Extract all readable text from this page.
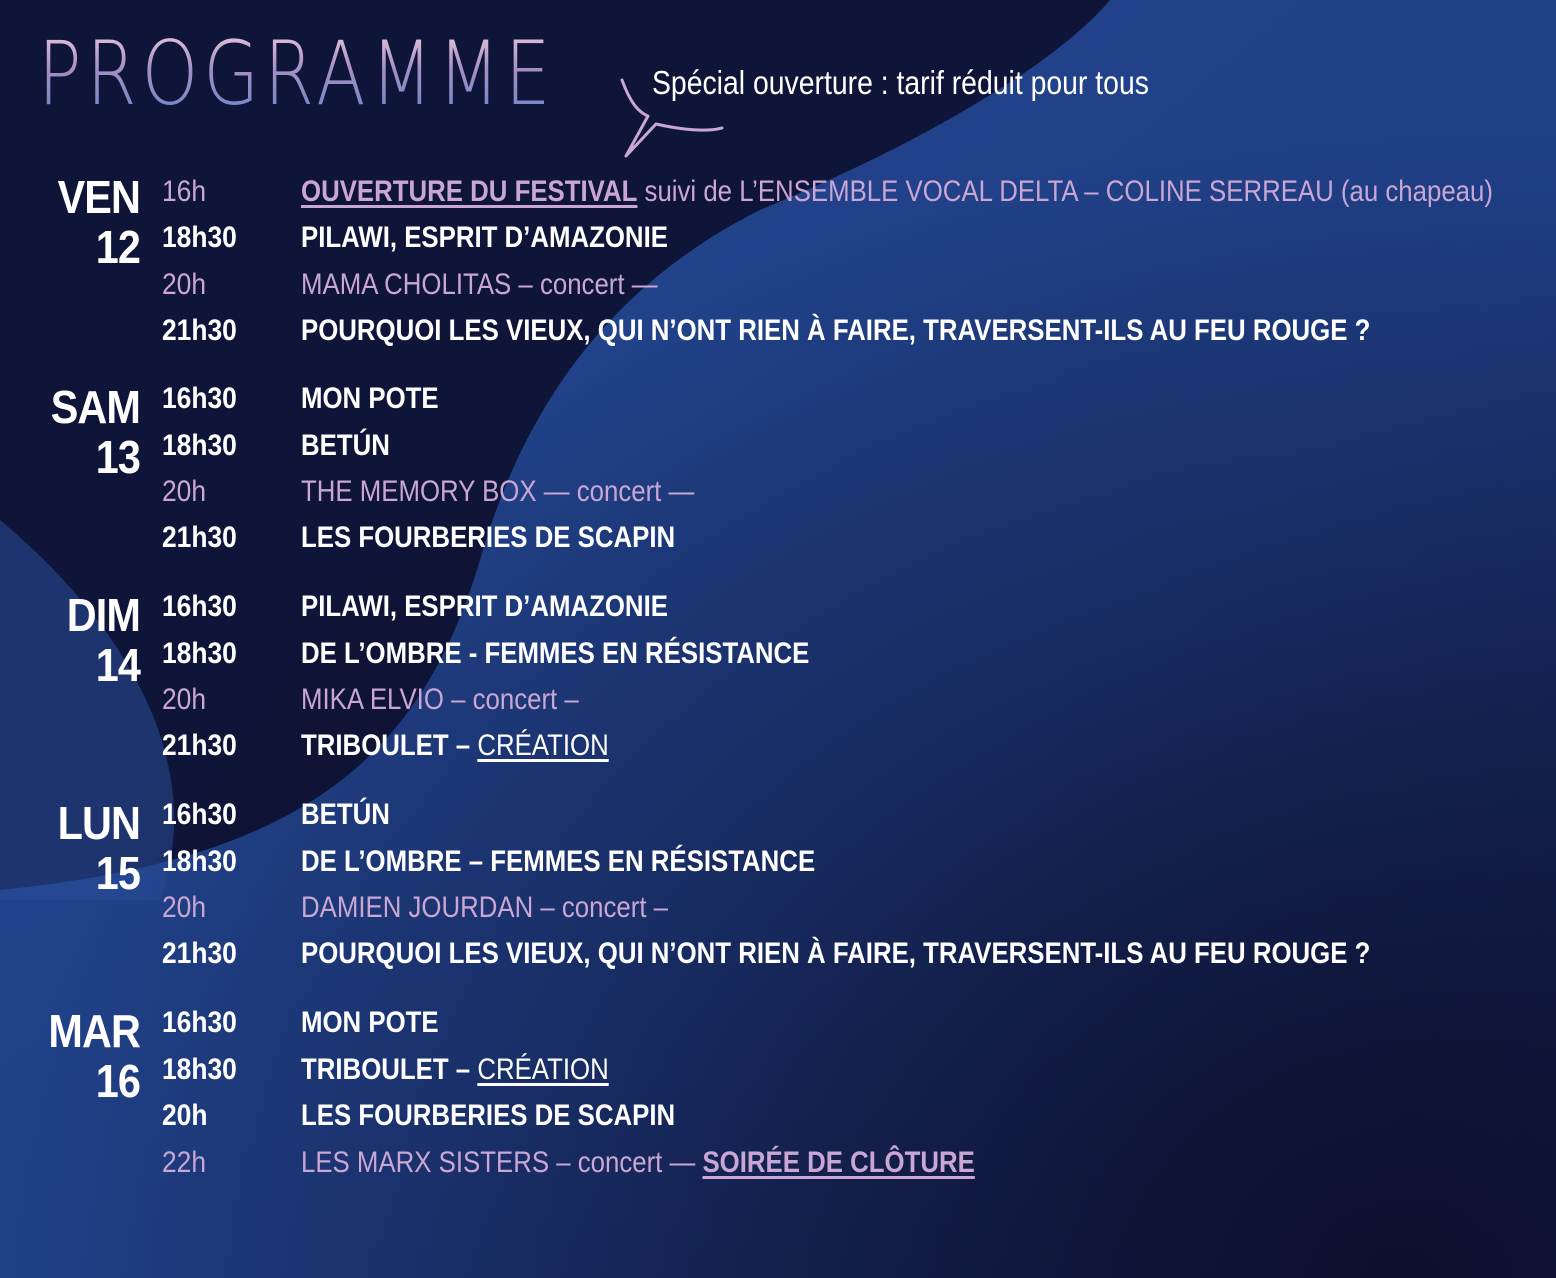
PROGRAMME	Spécial ouverture : tarif réduit pour tous
VEN
12
16h	OUVERTURE DU FESTIVAL suivi de L’ENSEMBLE VOCAL DELTA – COLINE SERREAU (au chapeau)
18h30 PILAWI, ESPRIT D’AMAZONIE
20h	MAMA CHOLITAS – concert —
21h30 POURQUOI LES VIEUX, QUI N’ONT RIEN À FAIRE, TRAVERSENT-ILS AU FEU ROUGE ?
SAM
13
16h30 MON POTE
18h30 BETÚN
20h	THE MEMORY BOX — concert —
21h30 LES FOURBERIES DE SCAPIN
DIM
14
16h30 PILAWI, ESPRIT D’AMAZONIE
18h30 DE L’OMBRE - FEMMES EN RÉSISTANCE
20h	MIKA ELVIO – concert –
21h30 TRIBOULET – CRÉATION
LUN
15
16h30 BETÚN
18h30 DE L’OMBRE – FEMMES EN RÉSISTANCE
20h	DAMIEN JOURDAN – concert –
21h30 POURQUOI LES VIEUX, QUI N’ONT RIEN À FAIRE, TRAVERSENT-ILS AU FEU ROUGE ?
MAR
16
16h30 MON POTE
18h30 TRIBOULET – CRÉATION
20h	LES FOURBERIES DE SCAPIN
22h	LES MARX SISTERS – concert — SOIRÉE DE CLÔTURE
